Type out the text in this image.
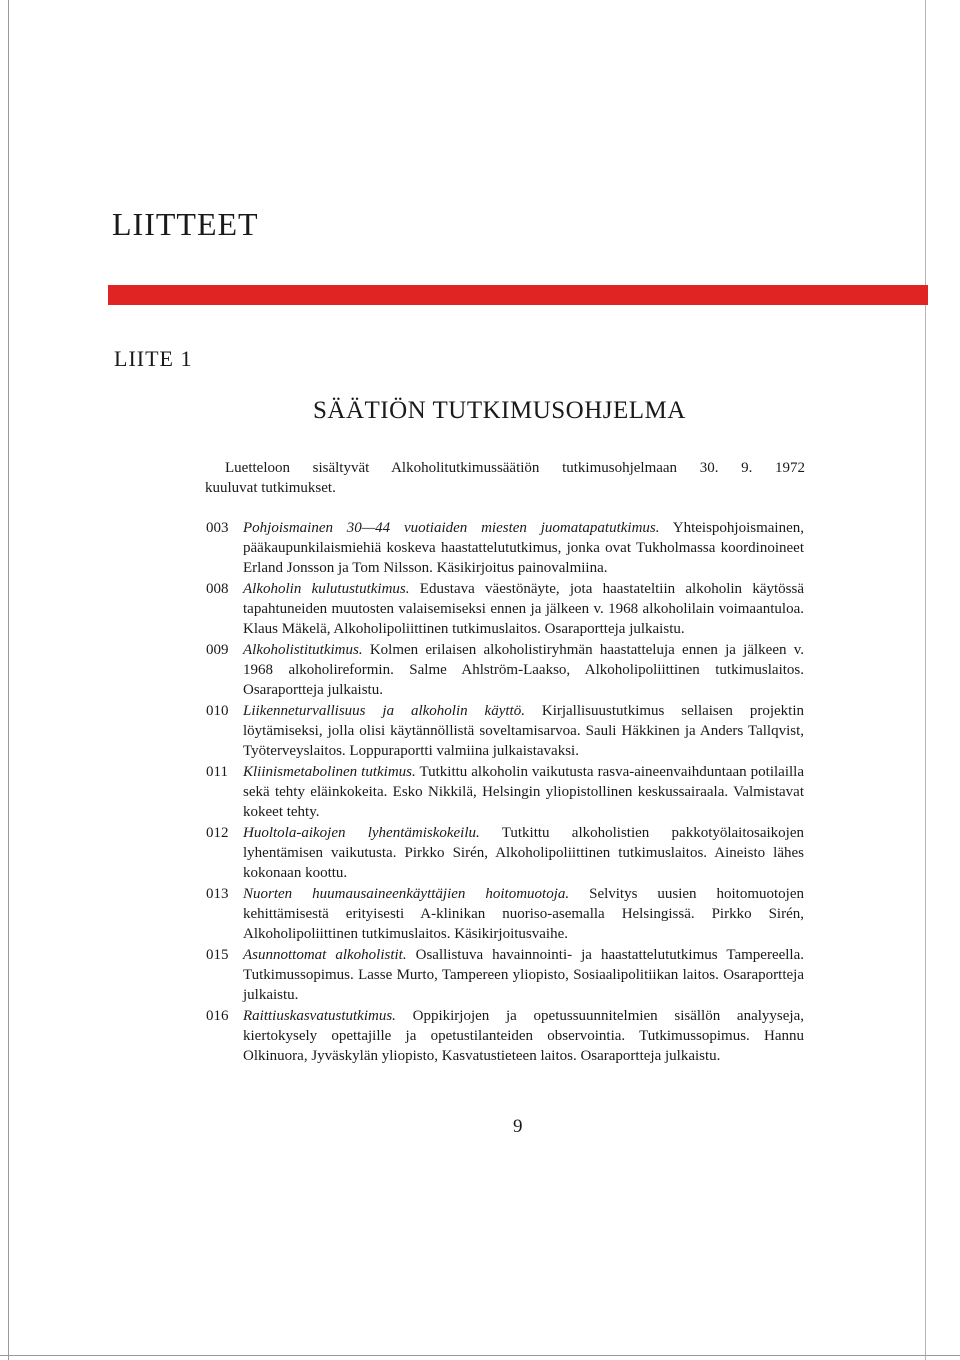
LIITTEET
LIITE 1
SÄÄTIÖN TUTKIMUSOHJELMA
Luetteloon sisältyvät Alkoholitutkimussäätiön tutkimusohjelmaan 30. 9. 1972
kuuluvat tutkimukset.
003 Pohjoismainen 30—44 vuotiaiden miesten juomatapatutkimus. Yhteispohjoismainen, pääkaupunkilaismiehiä koskeva haastattelututkimus, jonka ovat Tukholmassa koordinoineet Erland Jonsson ja Tom Nilsson. Käsikirjoitus painovalmiina.
008 Alkoholin kulutustutkimus. Edustava väestönäyte, jota haastateltiin alkoholin käytössä tapahtuneiden muutosten valaisemiseksi ennen ja jälkeen v. 1968 alkoholilain voimaantuloa. Klaus Mäkelä, Alkoholipoliittinen tutkimuslaitos. Osaraportteja julkaistu.
009 Alkoholistitutkimus. Kolmen erilaisen alkoholistiryhmän haastatteluja ennen ja jälkeen v. 1968 alkoholireformin. Salme Ahlström-Laakso, Alkoholipoliittinen tutkimuslaitos. Osaraportteja julkaistu.
010 Liikenneturvallisuus ja alkoholin käyttö. Kirjallisuustutkimus sellaisen projektin löytämiseksi, jolla olisi käytännöllistä soveltamisarvoa. Sauli Häkkinen ja Anders Tallqvist, Työterveyslaitos. Loppuraportti valmiina julkaistavaksi.
011 Kliinismetabolinen tutkimus. Tutkittu alkoholin vaikutusta rasva-aineenvaihduntaan potilailla sekä tehty eläinkokeita. Esko Nikkilä, Helsingin yliopistollinen keskussairaala. Valmistavat kokeet tehty.
012 Huoltola-aikojen lyhentämiskokeilu. Tutkittu alkoholistien pakkotyölaitosaikojen lyhentämisen vaikutusta. Pirkko Sirén, Alkoholipoliittinen tutkimuslaitos. Aineisto lähes kokonaan koottu.
013 Nuorten huumausaineenkäyttäjien hoitomuotoja. Selvitys uusien hoitomuotojen kehittämisestä erityisesti A-klinikan nuoriso-asemalla Helsingissä. Pirkko Sirén, Alkoholipoliittinen tutkimuslaitos. Käsikirjoitusvaihe.
015 Asunnottomat alkoholistit. Osallistuva havainnointi- ja haastattelututkimus Tampereella. Tutkimussopimus. Lasse Murto, Tampereen yliopisto, Sosiaalipolitiikan laitos. Osaraportteja julkaistu.
016 Raittiuskasvatustutkimus. Oppikirjojen ja opetussuunnitelmien sisällön analyyseja, kiertokysely opettajille ja opetustilanteiden observointia. Tutkimussopimus. Hannu Olkinuora, Jyväskylän yliopisto, Kasvatustieteen laitos. Osaraportteja julkaistu.
9
